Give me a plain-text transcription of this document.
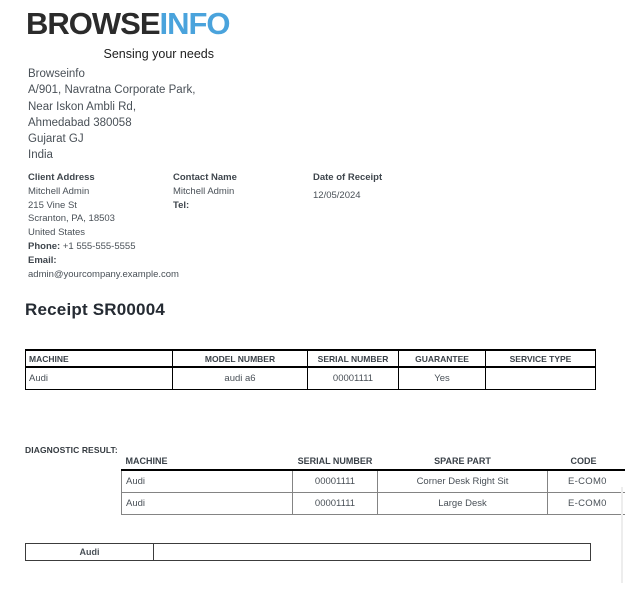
BROWSEINFO
Sensing your needs
Browseinfo
A/901, Navratna Corporate Park,
Near Iskon Ambli Rd,
Ahmedabad 380058
Gujarat GJ
India
Client Address
Mitchell Admin
215 Vine St
Scranton, PA, 18503
United States
Phone: +1 555-555-5555
Email:
admin@yourcompany.example.com
Contact Name
Mitchell Admin
Tel:
Date of Receipt
12/05/2024
Receipt SR00004
MACHINE	MODEL NUMBER	SERIAL NUMBER	GUARANTEE	SERVICE TYPE
Audi	audi a6	00001111	Yes	
DIAGNOSTIC RESULT:
MACHINE	SERIAL NUMBER	SPARE PART	CODE
Audi	00001111	Corner Desk Right Sit	E-COM0
Audi	00001111	Large Desk	E-COM0
Audi	
